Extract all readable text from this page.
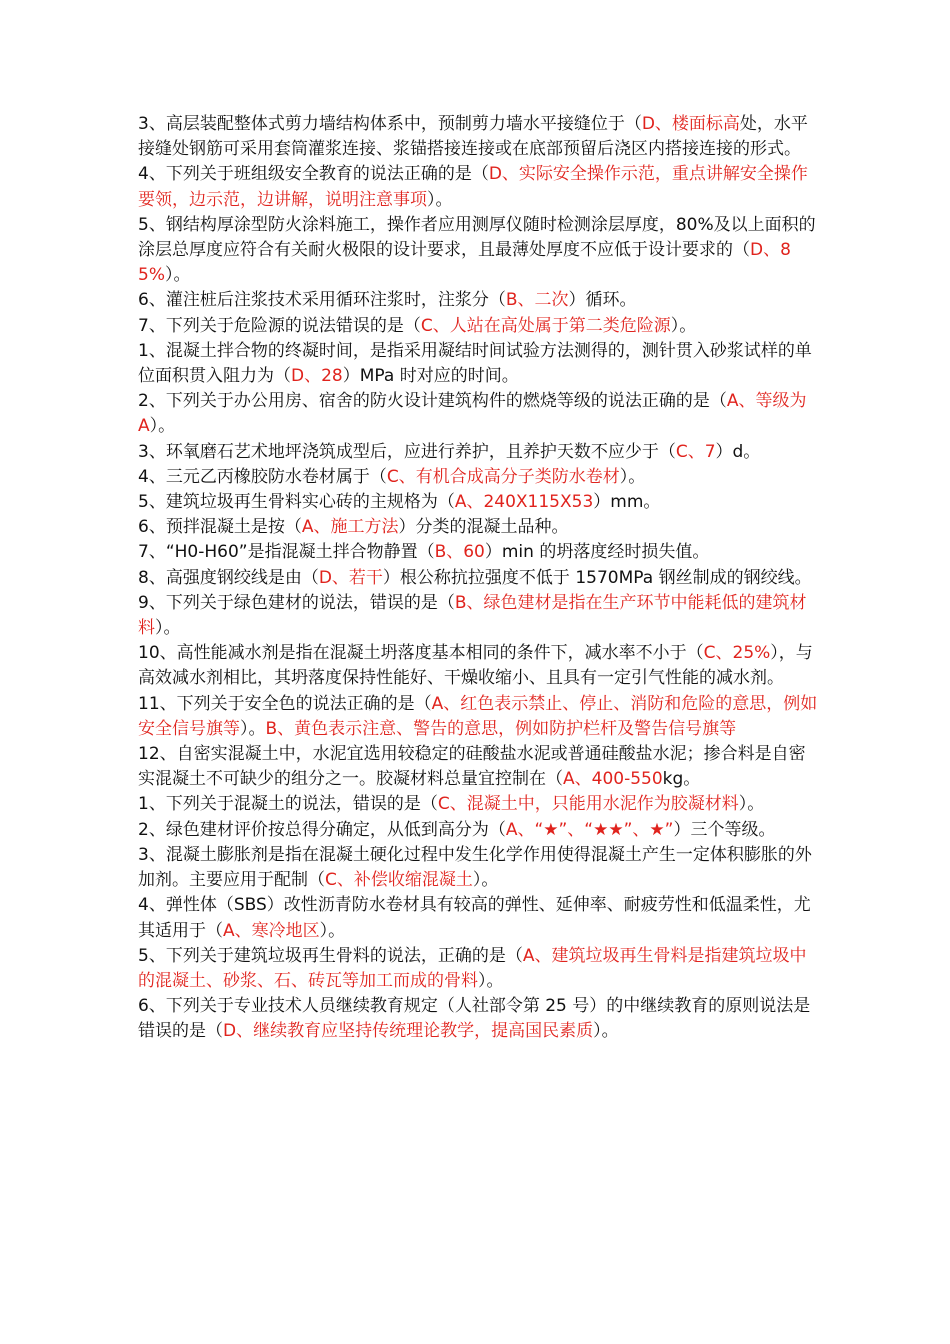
3、高层装配整体式剪力墙结构体系中，预制剪力墙水平接缝位于（D、楼面标高处，水平接缝处钢筋可采用套筒灌浆连接、浆锚搭接连接或在底部预留后浇区内搭接连接的形式。

4、下列关于班组级安全教育的说法正确的是（D、实际安全操作示范，重点讲解安全操作要领，边示范，边讲解，说明注意事项）。

5、钢结构厚涂型防火涂料施工，操作者应用测厚仪随时检测涂层厚度，80%及以上面积的涂层总厚度应符合有关耐火极限的设计要求，且最薄处厚度不应低于设计要求的（D、85%）。

6、灌注桩后注浆技术采用循环注浆时，注浆分（B、二次）循环。

7、下列关于危险源的说法错误的是（C、人站在高处属于第二类危险源）。

1、混凝土拌合物的终凝时间，是指采用凝结时间试验方法测得的，测针贯入砂浆试样的单位面积贯入阻力为（D、28）MPa 时对应的时间。

2、下列关于办公用房、宿舍的防火设计建筑构件的燃烧等级的说法正确的是（A、等级为A）。

3、环氧磨石艺术地坪浇筑成型后，应进行养护，且养护天数不应少于（C、7）d。

4、三元乙丙橡胶防水卷材属于（C、有机合成高分子类防水卷材）。

5、建筑垃圾再生骨料实心砖的主规格为（A、240X115X53）mm。

6、预拌混凝土是按（A、施工方法）分类的混凝土品种。

7、“H0-H60”是指混凝土拌合物静置（B、60）min 的坍落度经时损失值。

8、高强度钢绞线是由（D、若干）根公称抗拉强度不低于 1570MPa 钢丝制成的钢绞线。

9、下列关于绿色建材的说法，错误的是（B、绿色建材是指在生产环节中能耗低的建筑材料）。

10、高性能减水剂是指在混凝土坍落度基本相同的条件下，减水率不小于（C、25%），与高效减水剂相比，其坍落度保持性能好、干燥收缩小、且具有一定引气性能的减水剂。

11、下列关于安全色的说法正确的是（A、红色表示禁止、停止、消防和危险的意思，例如安全信号旗等）。B、黄色表示注意、警告的意思，例如防护栏杆及警告信号旗等

12、自密实混凝土中，水泥宜选用较稳定的硅酸盐水泥或普通硅酸盐水泥；掺合料是自密实混凝土不可缺少的组分之一。胶凝材料总量宜控制在（A、400-550kg。

1、下列关于混凝土的说法，错误的是（C、混凝土中，只能用水泥作为胶凝材料）。

2、绿色建材评价按总得分确定，从低到高分为（A、“★”、“★★”、★”）三个等级。

3、混凝土膨胀剂是指在混凝土硬化过程中发生化学作用使得混凝土产生一定体积膨胀的外加剂。主要应用于配制（C、补偿收缩混凝土）。

4、弹性体（SBS）改性沥青防水卷材具有较高的弹性、延伸率、耐疲劳性和低温柔性，尤其适用于（A、寒冷地区）。

5、下列关于建筑垃圾再生骨料的说法，正确的是（A、建筑垃圾再生骨料是指建筑垃圾中的混凝土、砂浆、石、砖瓦等加工而成的骨料）。

6、下列关于专业技术人员继续教育规定（人社部令第 25 号）的中继续教育的原则说法是错误的是（D、继续教育应坚持传统理论教学，提高国民素质）。
